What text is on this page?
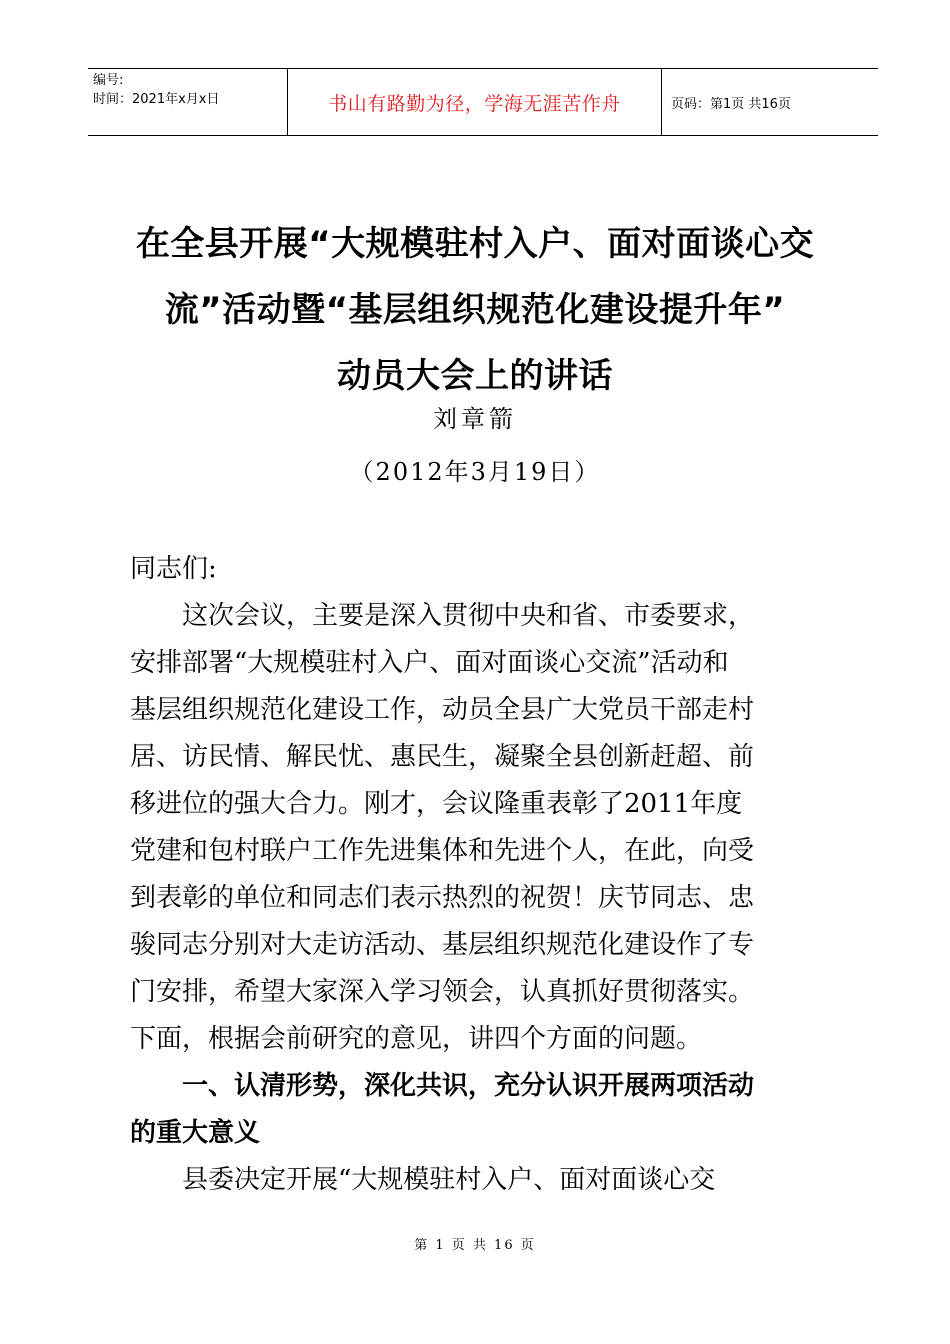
编号:
时间：2021年x月x日	书山有路勤为径，学海无涯苦作舟	页码：第1页 共16页
在全县开展“大规模驻村入户、面对面谈心交
流”活动暨“基层组织规范化建设提升年”
动员大会上的讲话
刘章箭
（2012年3月19日）
同志们:
　　这次会议，主要是深入贯彻中央和省、市委要求，
安排部署“大规模驻村入户、面对面谈心交流”活动和
基层组织规范化建设工作，动员全县广大党员干部走村
居、访民情、解民忧、惠民生，凝聚全县创新赶超、前
移进位的强大合力。刚才，会议隆重表彰了2011年度
党建和包村联户工作先进集体和先进个人，在此，向受
到表彰的单位和同志们表示热烈的祝贺！庆节同志、忠
骏同志分别对大走访活动、基层组织规范化建设作了专
门安排，希望大家深入学习领会，认真抓好贯彻落实。
下面，根据会前研究的意见，讲四个方面的问题。
　　一、认清形势，深化共识，充分认识开展两项活动
的重大意义
　　县委决定开展“大规模驻村入户、面对面谈心交
第 1 页 共 16 页
